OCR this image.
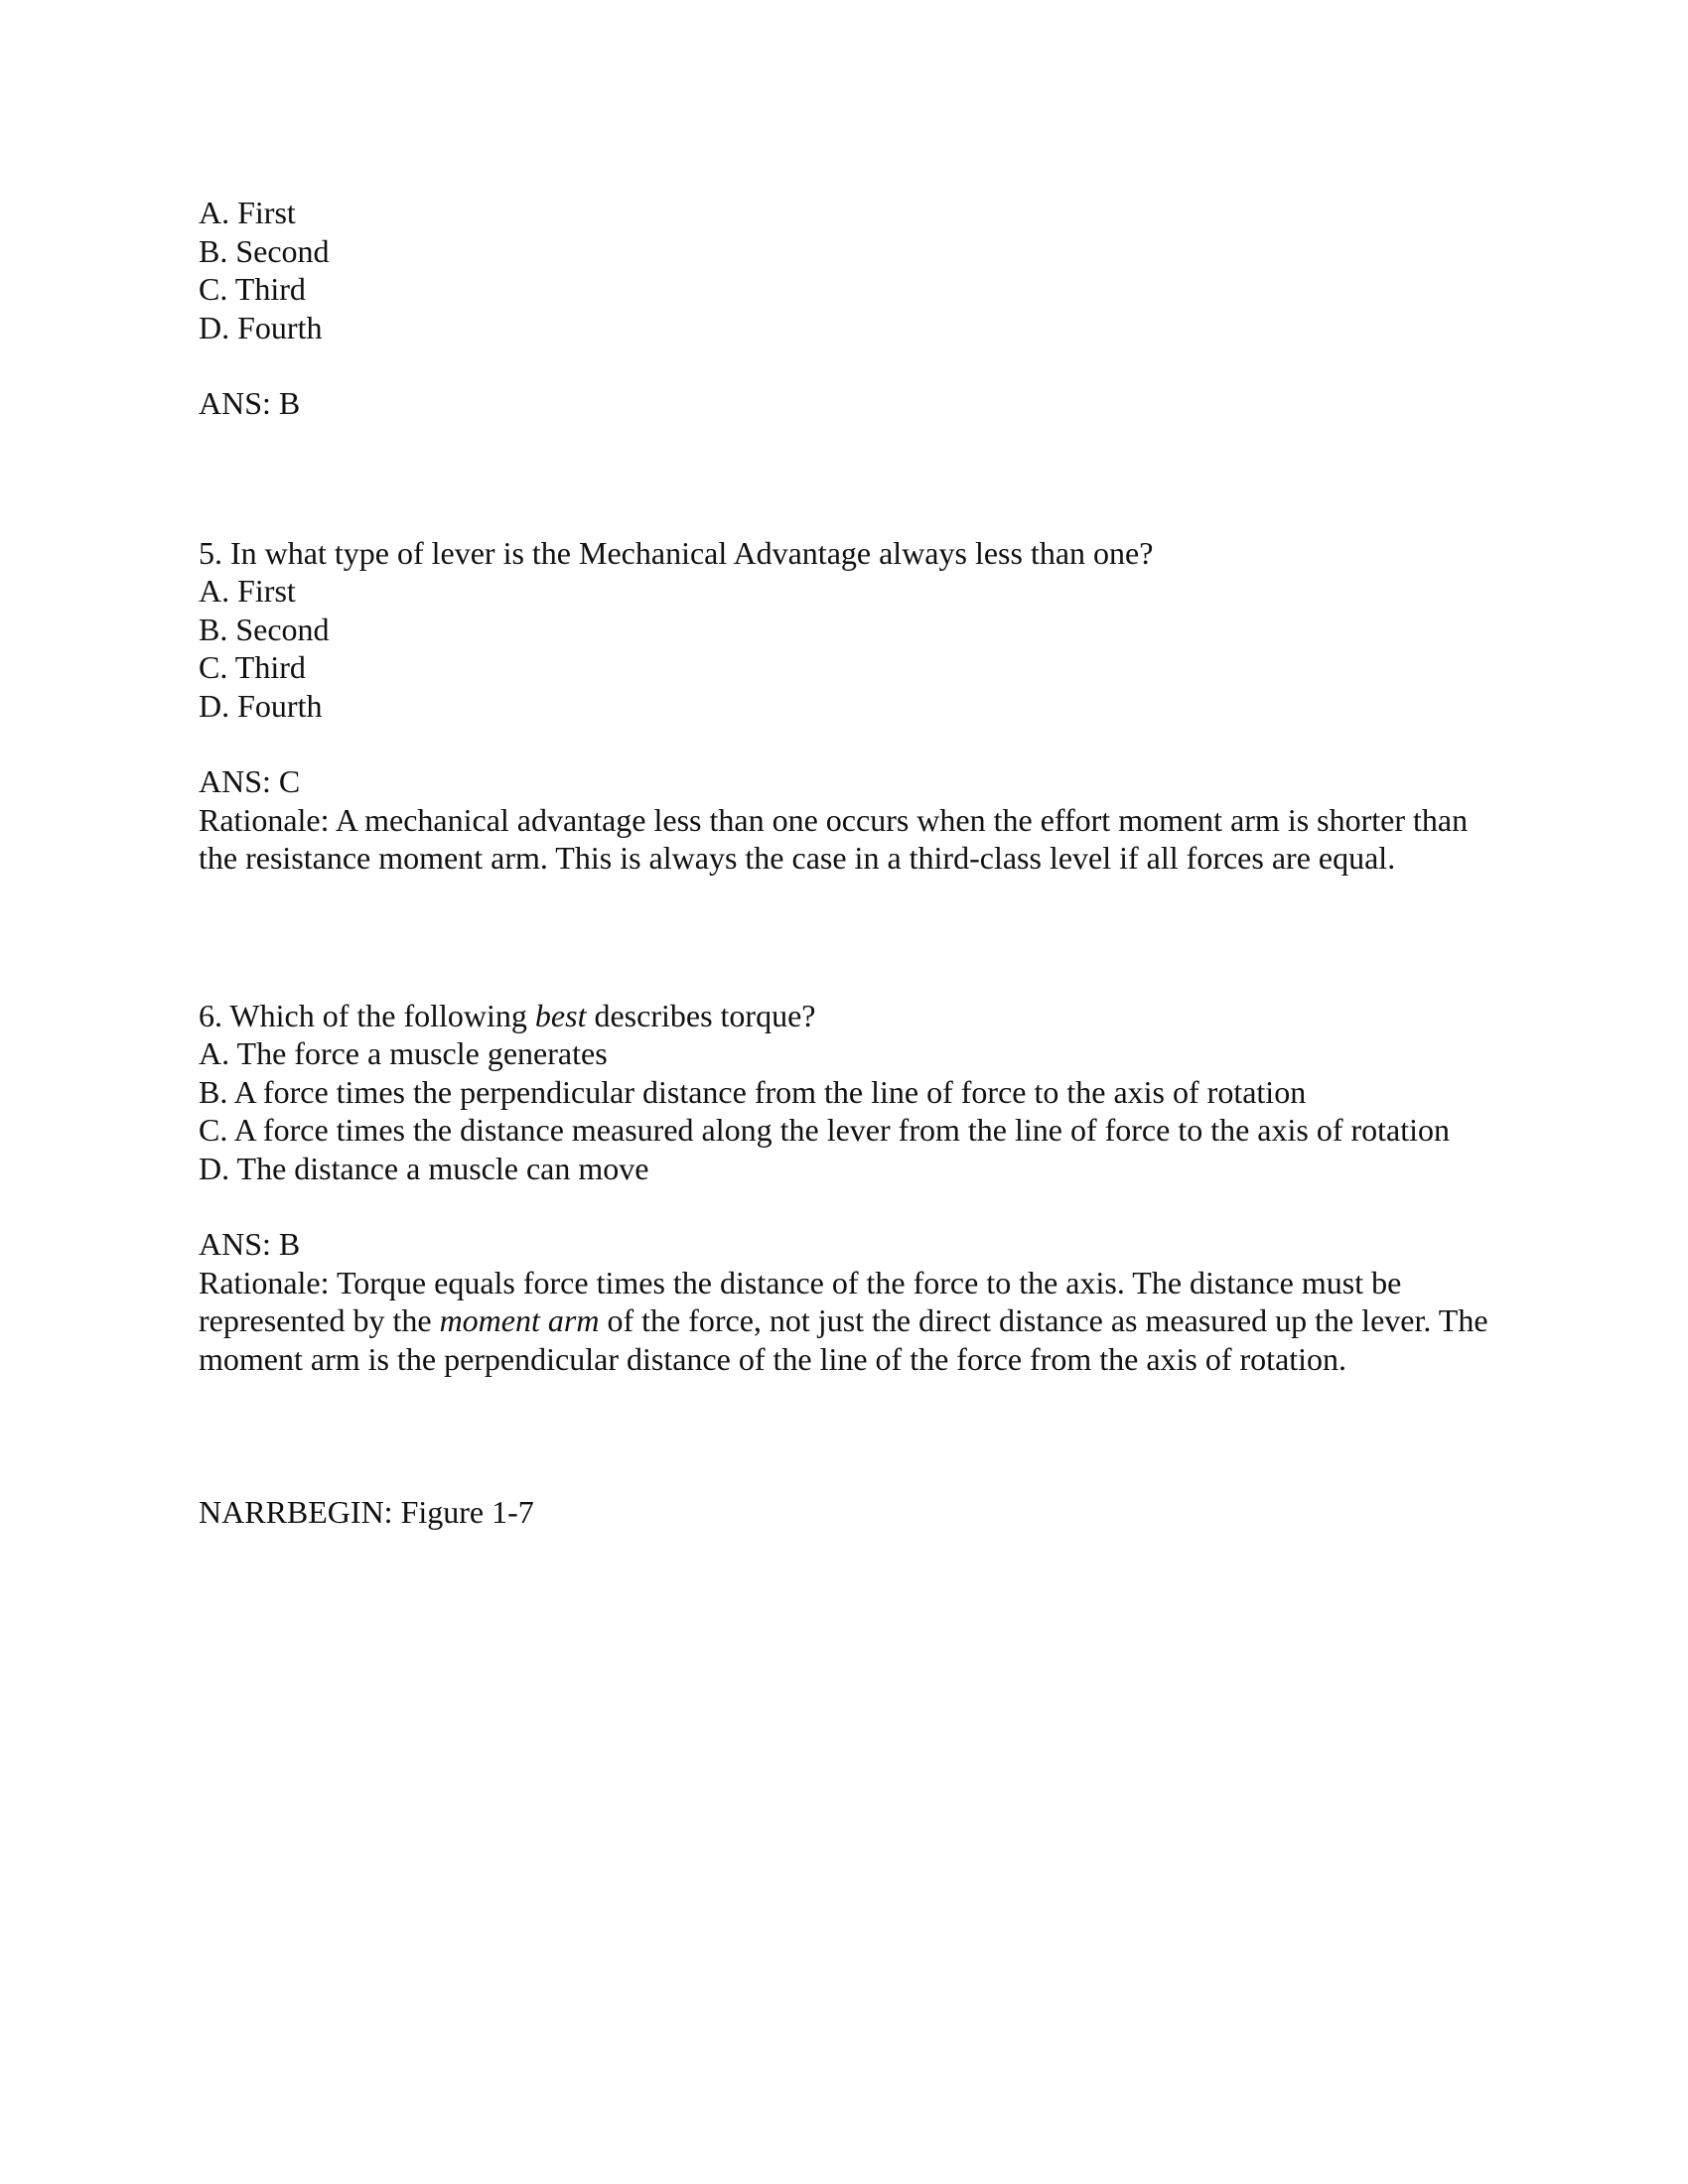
A. First
B. Second
C. Third
D. Fourth
ANS: B
5. In what type of lever is the Mechanical Advantage always less than one?
A. First
B. Second
C. Third
D. Fourth
ANS: C
Rationale: A mechanical advantage less than one occurs when the effort moment arm is shorter than the resistance moment arm. This is always the case in a third-class level if all forces are equal.
6. Which of the following best describes torque?
A. The force a muscle generates
B. A force times the perpendicular distance from the line of force to the axis of rotation
C. A force times the distance measured along the lever from the line of force to the axis of rotation
D. The distance a muscle can move
ANS: B
Rationale: Torque equals force times the distance of the force to the axis. The distance must be represented by the moment arm of the force, not just the direct distance as measured up the lever. The moment arm is the perpendicular distance of the line of the force from the axis of rotation.
NARRBEGIN: Figure 1-7
